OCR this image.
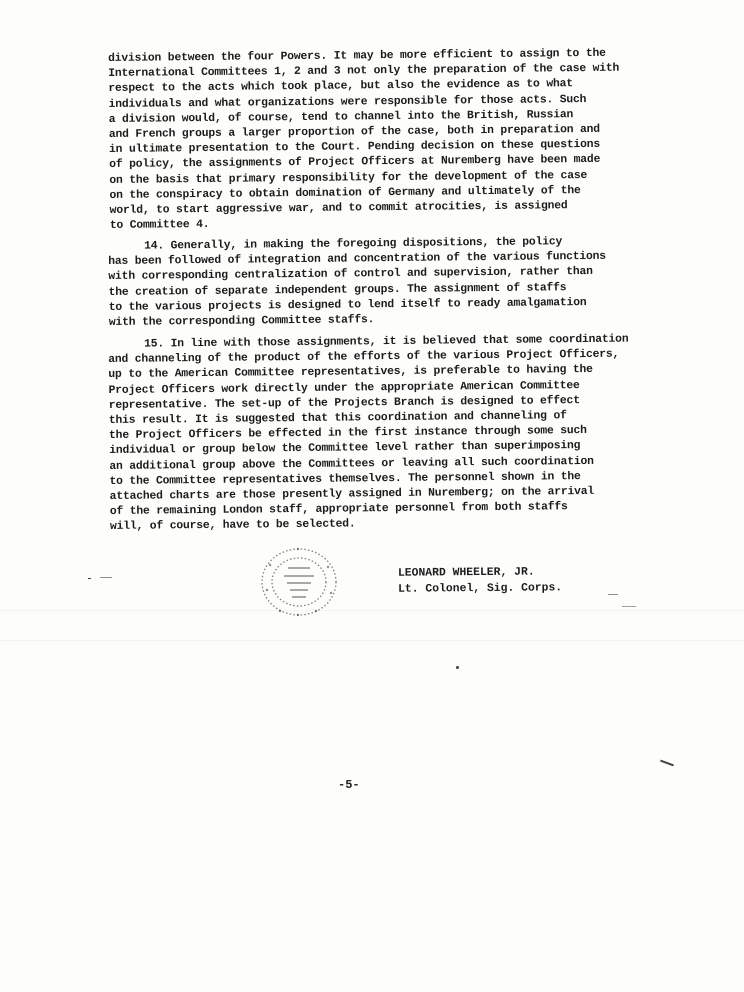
division between the four Powers. It may be more efficient to assign to the
International Committees 1, 2 and 3 not only the preparation of the case with
respect to the acts which took place, but also the evidence as to what
individuals and what organizations were responsible for those acts. Such
a division would, of course, tend to channel into the British, Russian
and French groups a larger proportion of the case, both in preparation and
in ultimate presentation to the Court. Pending decision on these questions
of policy, the assignments of Project Officers at Nuremberg have been made
on the basis that primary responsibility for the development of the case
on the conspiracy to obtain domination of Germany and ultimately of the
world, to start aggressive war, and to commit atrocities, is assigned
to Committee 4.
14. Generally, in making the foregoing dispositions, the policy
has been followed of integration and concentration of the various functions
with corresponding centralization of control and supervision, rather than
the creation of separate independent groups. The assignment of staffs
to the various projects is designed to lend itself to ready amalgamation
with the corresponding Committee staffs.
15. In line with those assignments, it is believed that some coordination
and channeling of the product of the efforts of the various Project Officers,
up to the American Committee representatives, is preferable to having the
Project Officers work directly under the appropriate American Committee
representative. The set-up of the Projects Branch is designed to effect
this result. It is suggested that this coordination and channeling of
the Project Officers be effected in the first instance through some such
individual or group below the Committee level rather than superimposing
an additional group above the Committees or leaving all such coordination
to the Committee representatives themselves. The personnel shown in the
attached charts are those presently assigned in Nuremberg; on the arrival
of the remaining London staff, appropriate personnel from both staffs
will, of course, have to be selected.
LEONARD WHEELER, JR.
Lt. Colonel, Sig. Corps.
-5-
